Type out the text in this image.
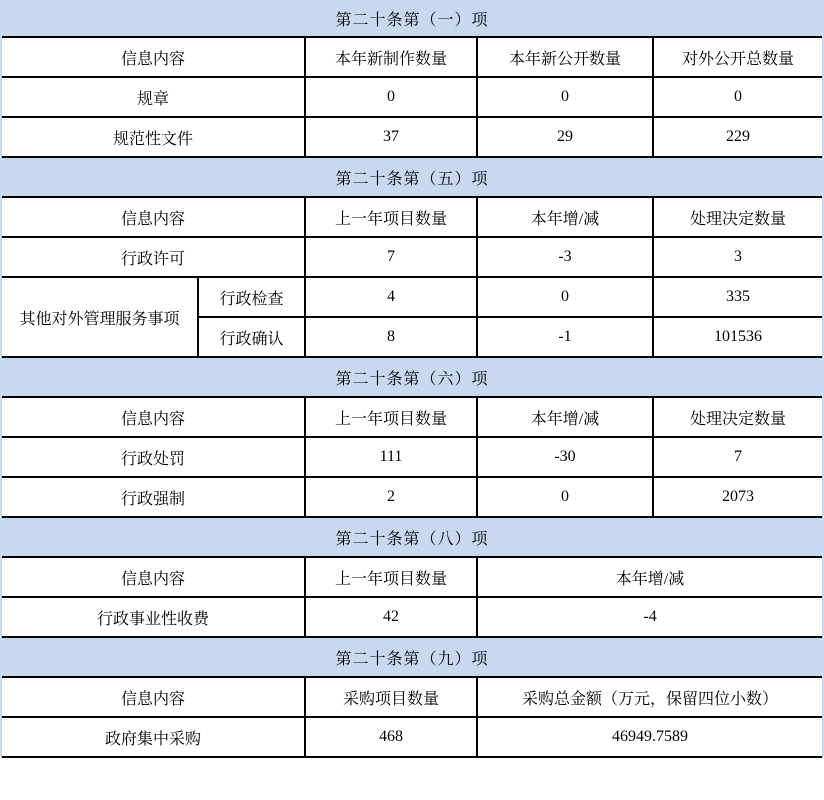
第二十条第（一）项
信息内容	本年新制作数量	本年新公开数量	对外公开总数量
规章	0	0	0
规范性文件	37	29	229
第二十条第（五）项
信息内容		上一年项目数量	本年增/减	处理决定数量
行政许可		7	-3	3
其他对外管理服务事项	行政检查	4	0	335
	行政确认	8	-1	101536
第二十条第（六）项
信息内容	上一年项目数量	本年增/减	处理决定数量
行政处罚	111	-30	7
行政强制	2	0	2073
第二十条第（八）项
信息内容	上一年项目数量	本年增/减
行政事业性收费	42	-4
第二十条第（九）项
信息内容	采购项目数量	采购总金额（万元，保留四位小数）
政府集中采购	468	46949.7589
